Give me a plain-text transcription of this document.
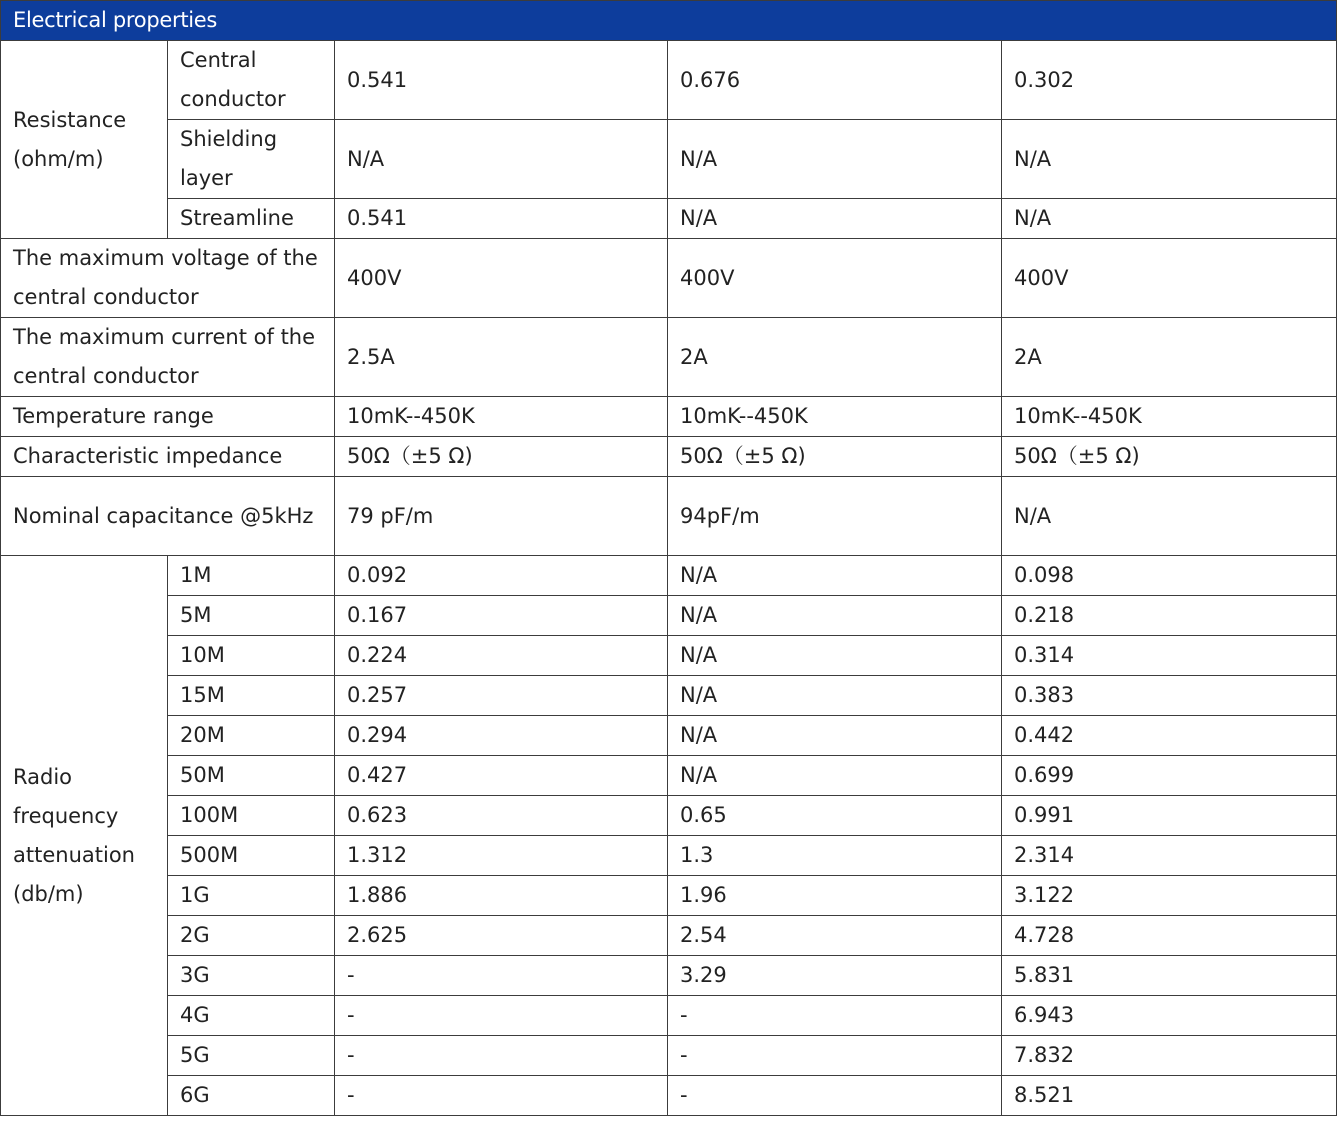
Electrical properties				
Resistance (ohm/m)	Central conductor	0.541	0.676	0.302
	Shielding layer	N/A	N/A	N/A
	Streamline	0.541	N/A	N/A
The maximum voltage of the central conductor		400V	400V	400V
The maximum current of the central conductor		2.5A	2A	2A
Temperature range		10mK--450K	10mK--450K	10mK--450K
Characteristic impedance		50Ω（±5 Ω)	50Ω（±5 Ω)	50Ω（±5 Ω)
Nominal capacitance @5kHz		79 pF/m	94pF/m	N/A
Radio frequency attenuation (db/m)	1M	0.092	N/A	0.098
	5M	0.167	N/A	0.218
	10M	0.224	N/A	0.314
	15M	0.257	N/A	0.383
	20M	0.294	N/A	0.442
	50M	0.427	N/A	0.699
	100M	0.623	0.65	0.991
	500M	1.312	1.3	2.314
	1G	1.886	1.96	3.122
	2G	2.625	2.54	4.728
	3G	-	3.29	5.831
	4G	-	-	6.943
	5G	-	-	7.832
	6G	-	-	8.521
